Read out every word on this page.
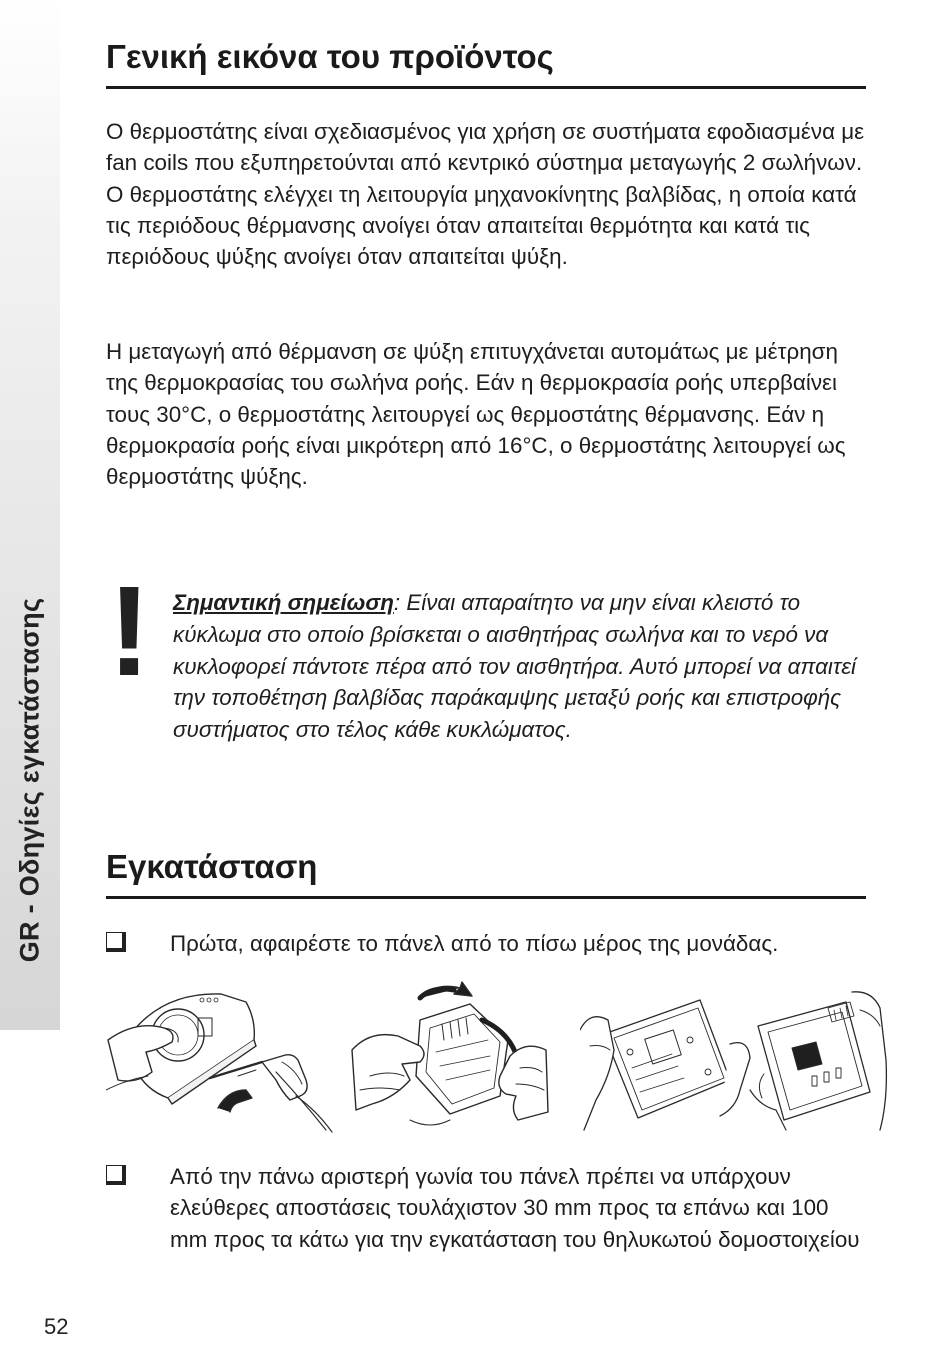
GR - Οδηγίες εγκατάστασης
Γενική εικόνα του προϊόντος

Ο θερμοστάτης είναι σχεδιασμένος για χρήση σε συστήματα εφοδιασμένα με fan coils που εξυπηρετούνται από κεντρικό σύστημα μεταγωγής 2 σωλήνων. Ο θερμοστάτης ελέγχει τη λειτουργία μηχανοκίνητης βαλβίδας, η οποία κατά τις περιόδους θέρμανσης ανοίγει όταν απαιτείται θερμότητα και κατά τις περιόδους ψύξης ανοίγει όταν απαιτείται ψύξη.

Η μεταγωγή από θέρμανση σε ψύξη επιτυγχάνεται αυτομάτως με μέτρηση της θερμοκρασίας του σωλήνα ροής. Εάν η θερμοκρασία ροής υπερβαίνει τους 30°C, ο θερμοστάτης λειτουργεί ως θερμοστάτης θέρμανσης. Εάν η θερμοκρασία ροής είναι μικρότερη από 16°C, ο θερμοστάτης λειτουργεί ως θερμοστάτης ψύξης.

! Σημαντική σημείωση: Είναι απαραίτητο να μην είναι κλειστό το κύκλωμα στο οποίο βρίσκεται ο αισθητήρας σωλήνα και το νερό να κυκλοφορεί πάντοτε πέρα από τον αισθητήρα. Αυτό μπορεί να απαιτεί την τοποθέτηση βαλβίδας παράκαμψης μεταξύ ροής και επιστροφής συστήματος στο τέλος κάθε κυκλώματος.

Εγκατάσταση

Πρώτα, αφαιρέστε το πάνελ από το πίσω μέρος της μονάδας.

Από την πάνω αριστερή γωνία του πάνελ πρέπει να υπάρχουν ελεύθερες αποστάσεις τουλάχιστον 30 mm προς τα επάνω και 100 mm προς τα κάτω για την εγκατάσταση του θηλυκωτού δομοστοιχείου

52
